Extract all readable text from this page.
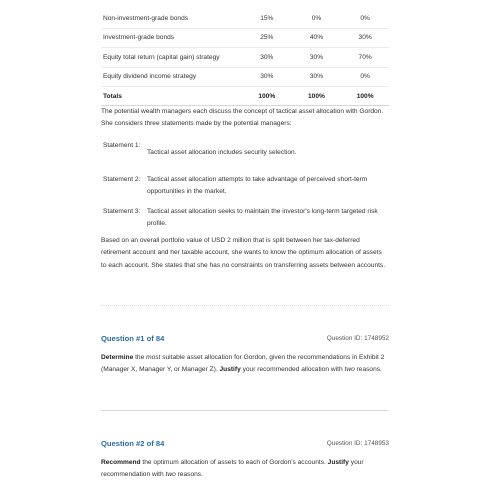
Non-investment-grade bonds	15%	0%	0%
Investment-grade bonds	25%	40%	30%
Equity total return (capital gain) strategy	30%	30%	70%
Equity dividend income strategy	30%	30%	0%
Totals	100%	100%	100%

The potential wealth managers each discuss the concept of tactical asset allocation with Gordon. She considers three statements made by the potential managers:

Statement 1:	Tactical asset allocation includes security selection.
Statement 2:	Tactical asset allocation attempts to take advantage of perceived short-term opportunities in the market.
Statement 3:	Tactical asset allocation seeks to maintain the investor's long-term targeted risk profile.

Based on an overall portfolio value of USD 2 million that is split between her tax-deferred retirement account and her taxable account, she wants to know the optimum allocation of assets to each account. She states that she has no constraints on transferring assets between accounts.

Question #1 of 84	Question ID: 1748952

Determine the most suitable asset allocation for Gordon, given the recommendations in Exhibit 2 (Manager X, Manager Y, or Manager Z). Justify your recommended allocation with two reasons.

Question #2 of 84	Question ID: 1748953

Recommend the optimum allocation of assets to each of Gordon's accounts. Justify your recommendation with two reasons.
